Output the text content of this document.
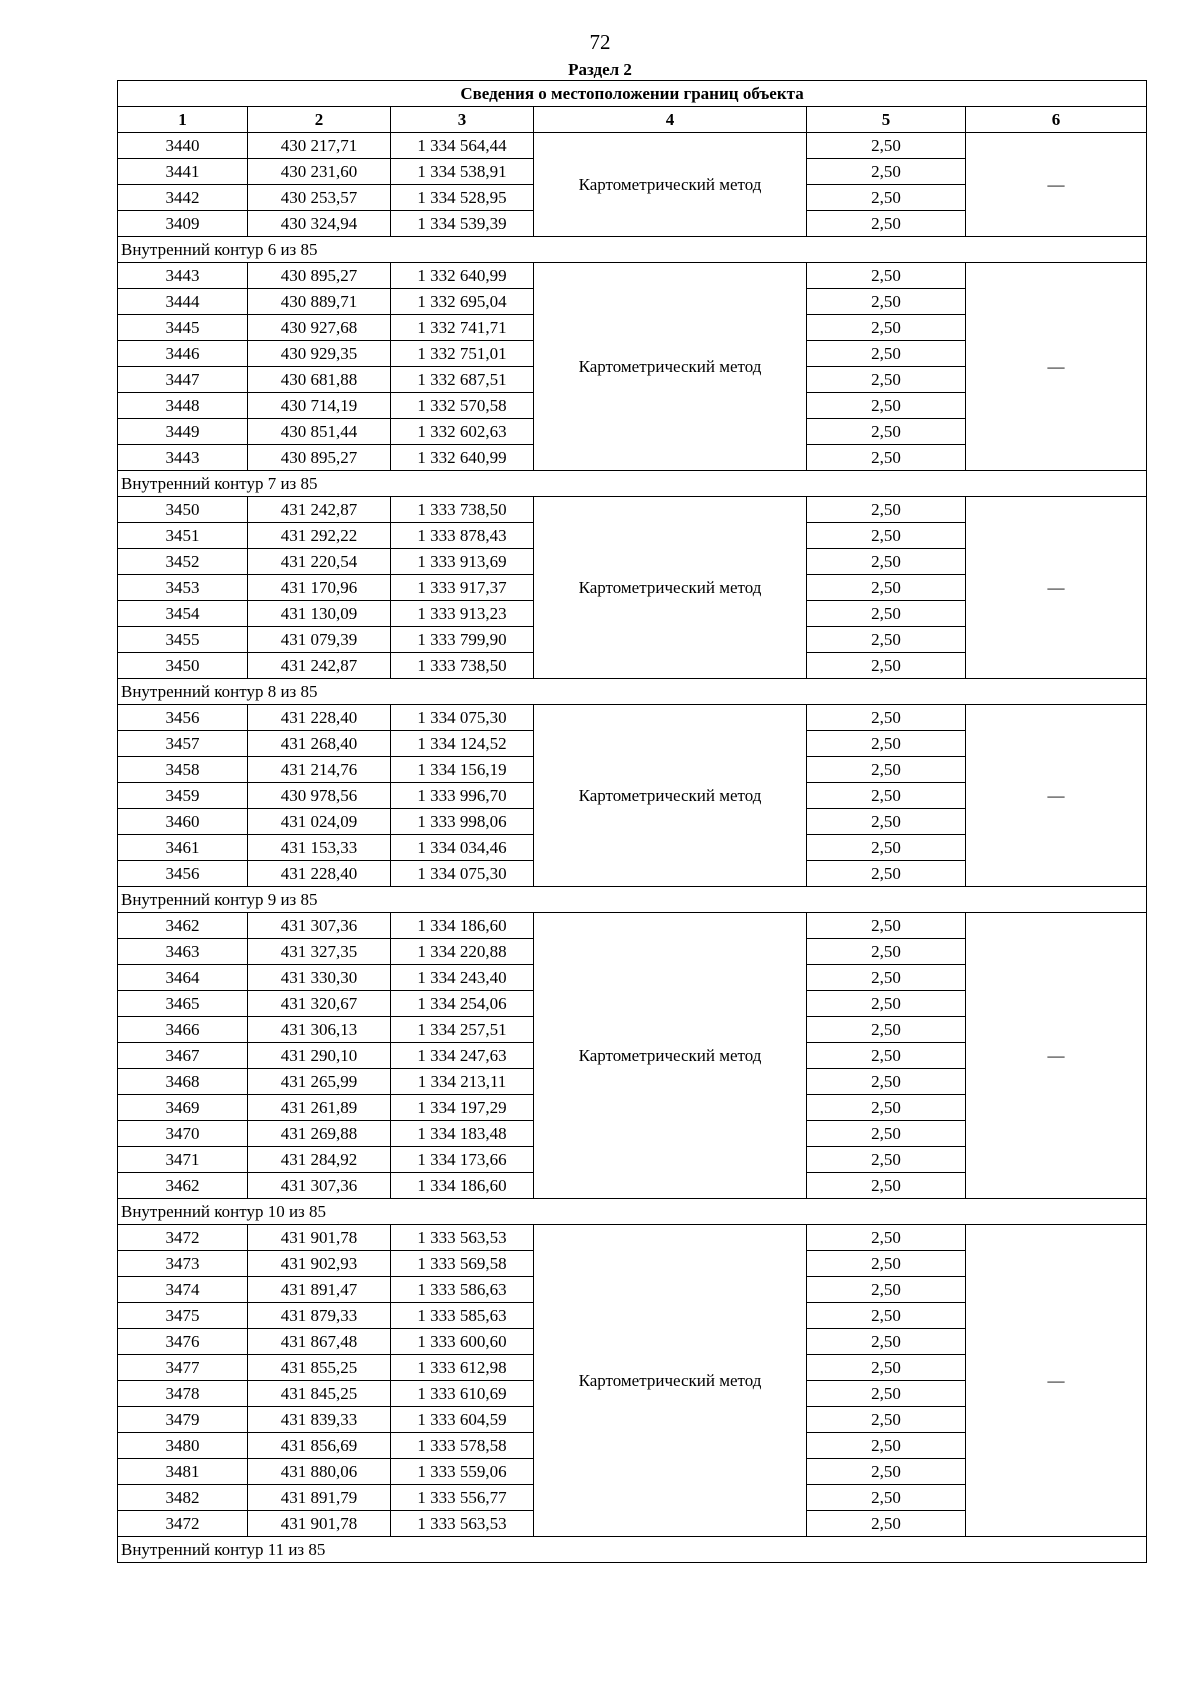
72
Раздел 2
Сведения о местоположении границ объекта					
1	2	3	4	5	6
3440	430 217,71	1 334 564,44	Картометрический метод	2,50	—
3441	430 231,60	1 334 538,91		2,50	
3442	430 253,57	1 334 528,95		2,50	
3409	430 324,94	1 334 539,39		2,50	
Внутренний контур 6 из 85					
3443	430 895,27	1 332 640,99	Картометрический метод	2,50	—
3444	430 889,71	1 332 695,04		2,50	
3445	430 927,68	1 332 741,71		2,50	
3446	430 929,35	1 332 751,01		2,50	
3447	430 681,88	1 332 687,51		2,50	
3448	430 714,19	1 332 570,58		2,50	
3449	430 851,44	1 332 602,63		2,50	
3443	430 895,27	1 332 640,99		2,50	
Внутренний контур 7 из 85					
3450	431 242,87	1 333 738,50	Картометрический метод	2,50	—
3451	431 292,22	1 333 878,43		2,50	
3452	431 220,54	1 333 913,69		2,50	
3453	431 170,96	1 333 917,37		2,50	
3454	431 130,09	1 333 913,23		2,50	
3455	431 079,39	1 333 799,90		2,50	
3450	431 242,87	1 333 738,50		2,50	
Внутренний контур 8 из 85					
3456	431 228,40	1 334 075,30	Картометрический метод	2,50	—
3457	431 268,40	1 334 124,52		2,50	
3458	431 214,76	1 334 156,19		2,50	
3459	430 978,56	1 333 996,70		2,50	
3460	431 024,09	1 333 998,06		2,50	
3461	431 153,33	1 334 034,46		2,50	
3456	431 228,40	1 334 075,30		2,50	
Внутренний контур 9 из 85					
3462	431 307,36	1 334 186,60	Картометрический метод	2,50	—
3463	431 327,35	1 334 220,88		2,50	
3464	431 330,30	1 334 243,40		2,50	
3465	431 320,67	1 334 254,06		2,50	
3466	431 306,13	1 334 257,51		2,50	
3467	431 290,10	1 334 247,63		2,50	
3468	431 265,99	1 334 213,11		2,50	
3469	431 261,89	1 334 197,29		2,50	
3470	431 269,88	1 334 183,48		2,50	
3471	431 284,92	1 334 173,66		2,50	
3462	431 307,36	1 334 186,60		2,50	
Внутренний контур 10 из 85					
3472	431 901,78	1 333 563,53	Картометрический метод	2,50	—
3473	431 902,93	1 333 569,58		2,50	
3474	431 891,47	1 333 586,63		2,50	
3475	431 879,33	1 333 585,63		2,50	
3476	431 867,48	1 333 600,60		2,50	
3477	431 855,25	1 333 612,98		2,50	
3478	431 845,25	1 333 610,69		2,50	
3479	431 839,33	1 333 604,59		2,50	
3480	431 856,69	1 333 578,58		2,50	
3481	431 880,06	1 333 559,06		2,50	
3482	431 891,79	1 333 556,77		2,50	
3472	431 901,78	1 333 563,53		2,50	
Внутренний контур 11 из 85					
